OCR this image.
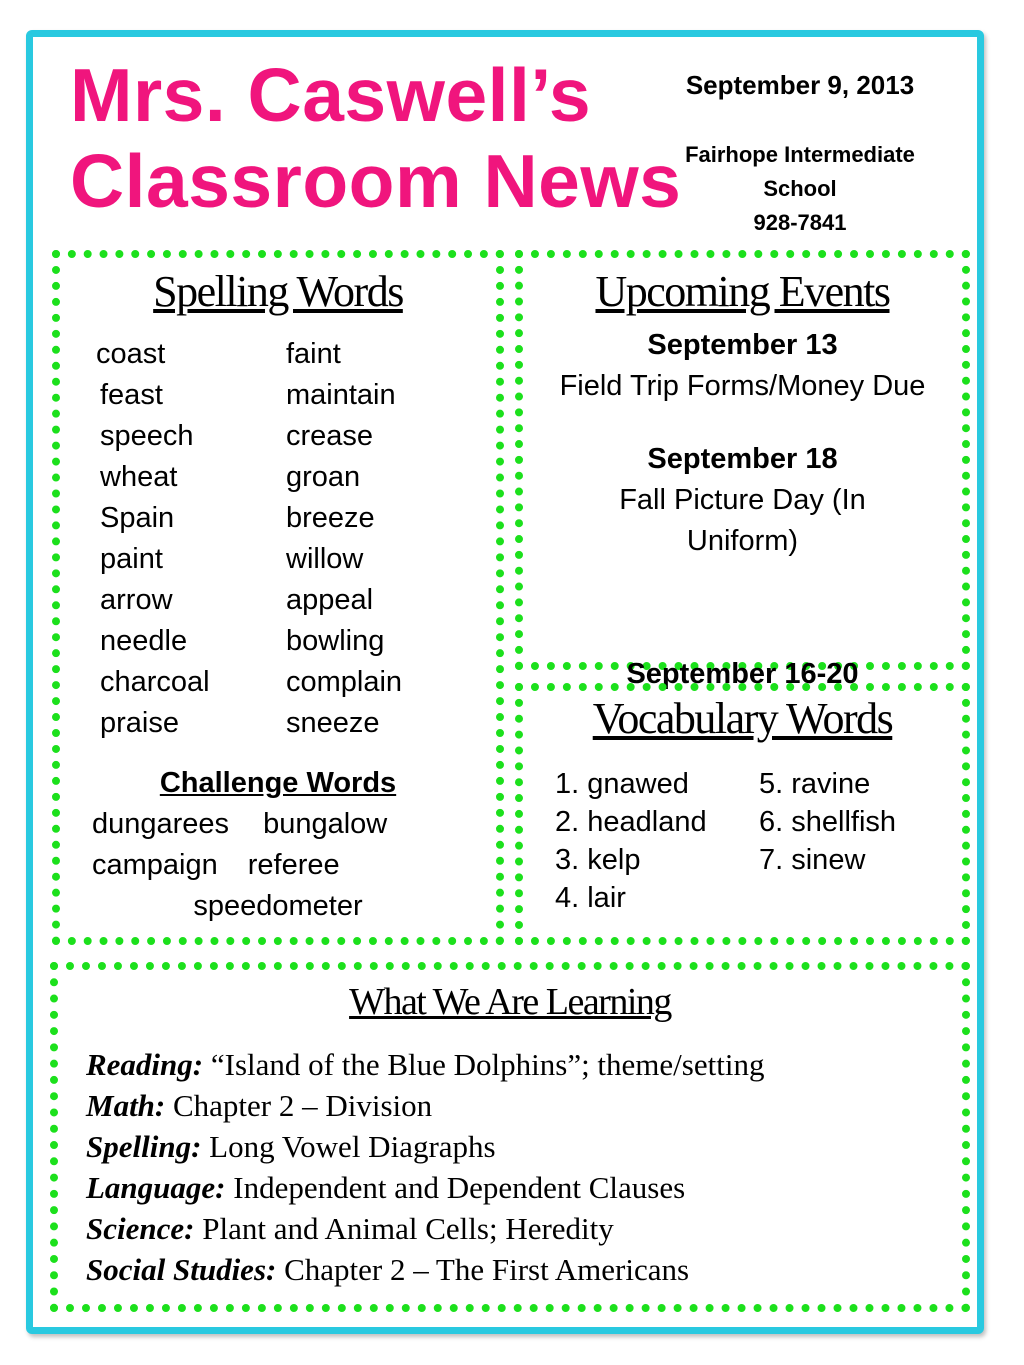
Mrs. Caswell’s
Classroom News
September 9, 2013
Fairhope Intermediate School
928-7841
Spelling Words
coast
feast
speech
wheat
Spain
paint
arrow
needle
charcoal
praise
faint
maintain
crease
groan
breeze
willow
appeal
bowling
complain
sneeze
Challenge Words
dungarees bungalow
campaign referee
speedometer
Upcoming Events
September 13
Field Trip Forms/Money Due
September 18
Fall Picture Day (In Uniform)
September 16-20
Vocabulary Words
1. gnawed
2. headland
3. kelp
4. lair
5. ravine
6. shellfish
7. sinew
What We Are Learning
Reading: “Island of the Blue Dolphins”; theme/setting
Math: Chapter 2 – Division
Spelling: Long Vowel Diagraphs
Language: Independent and Dependent Clauses
Science: Plant and Animal Cells; Heredity
Social Studies: Chapter 2 – The First Americans
